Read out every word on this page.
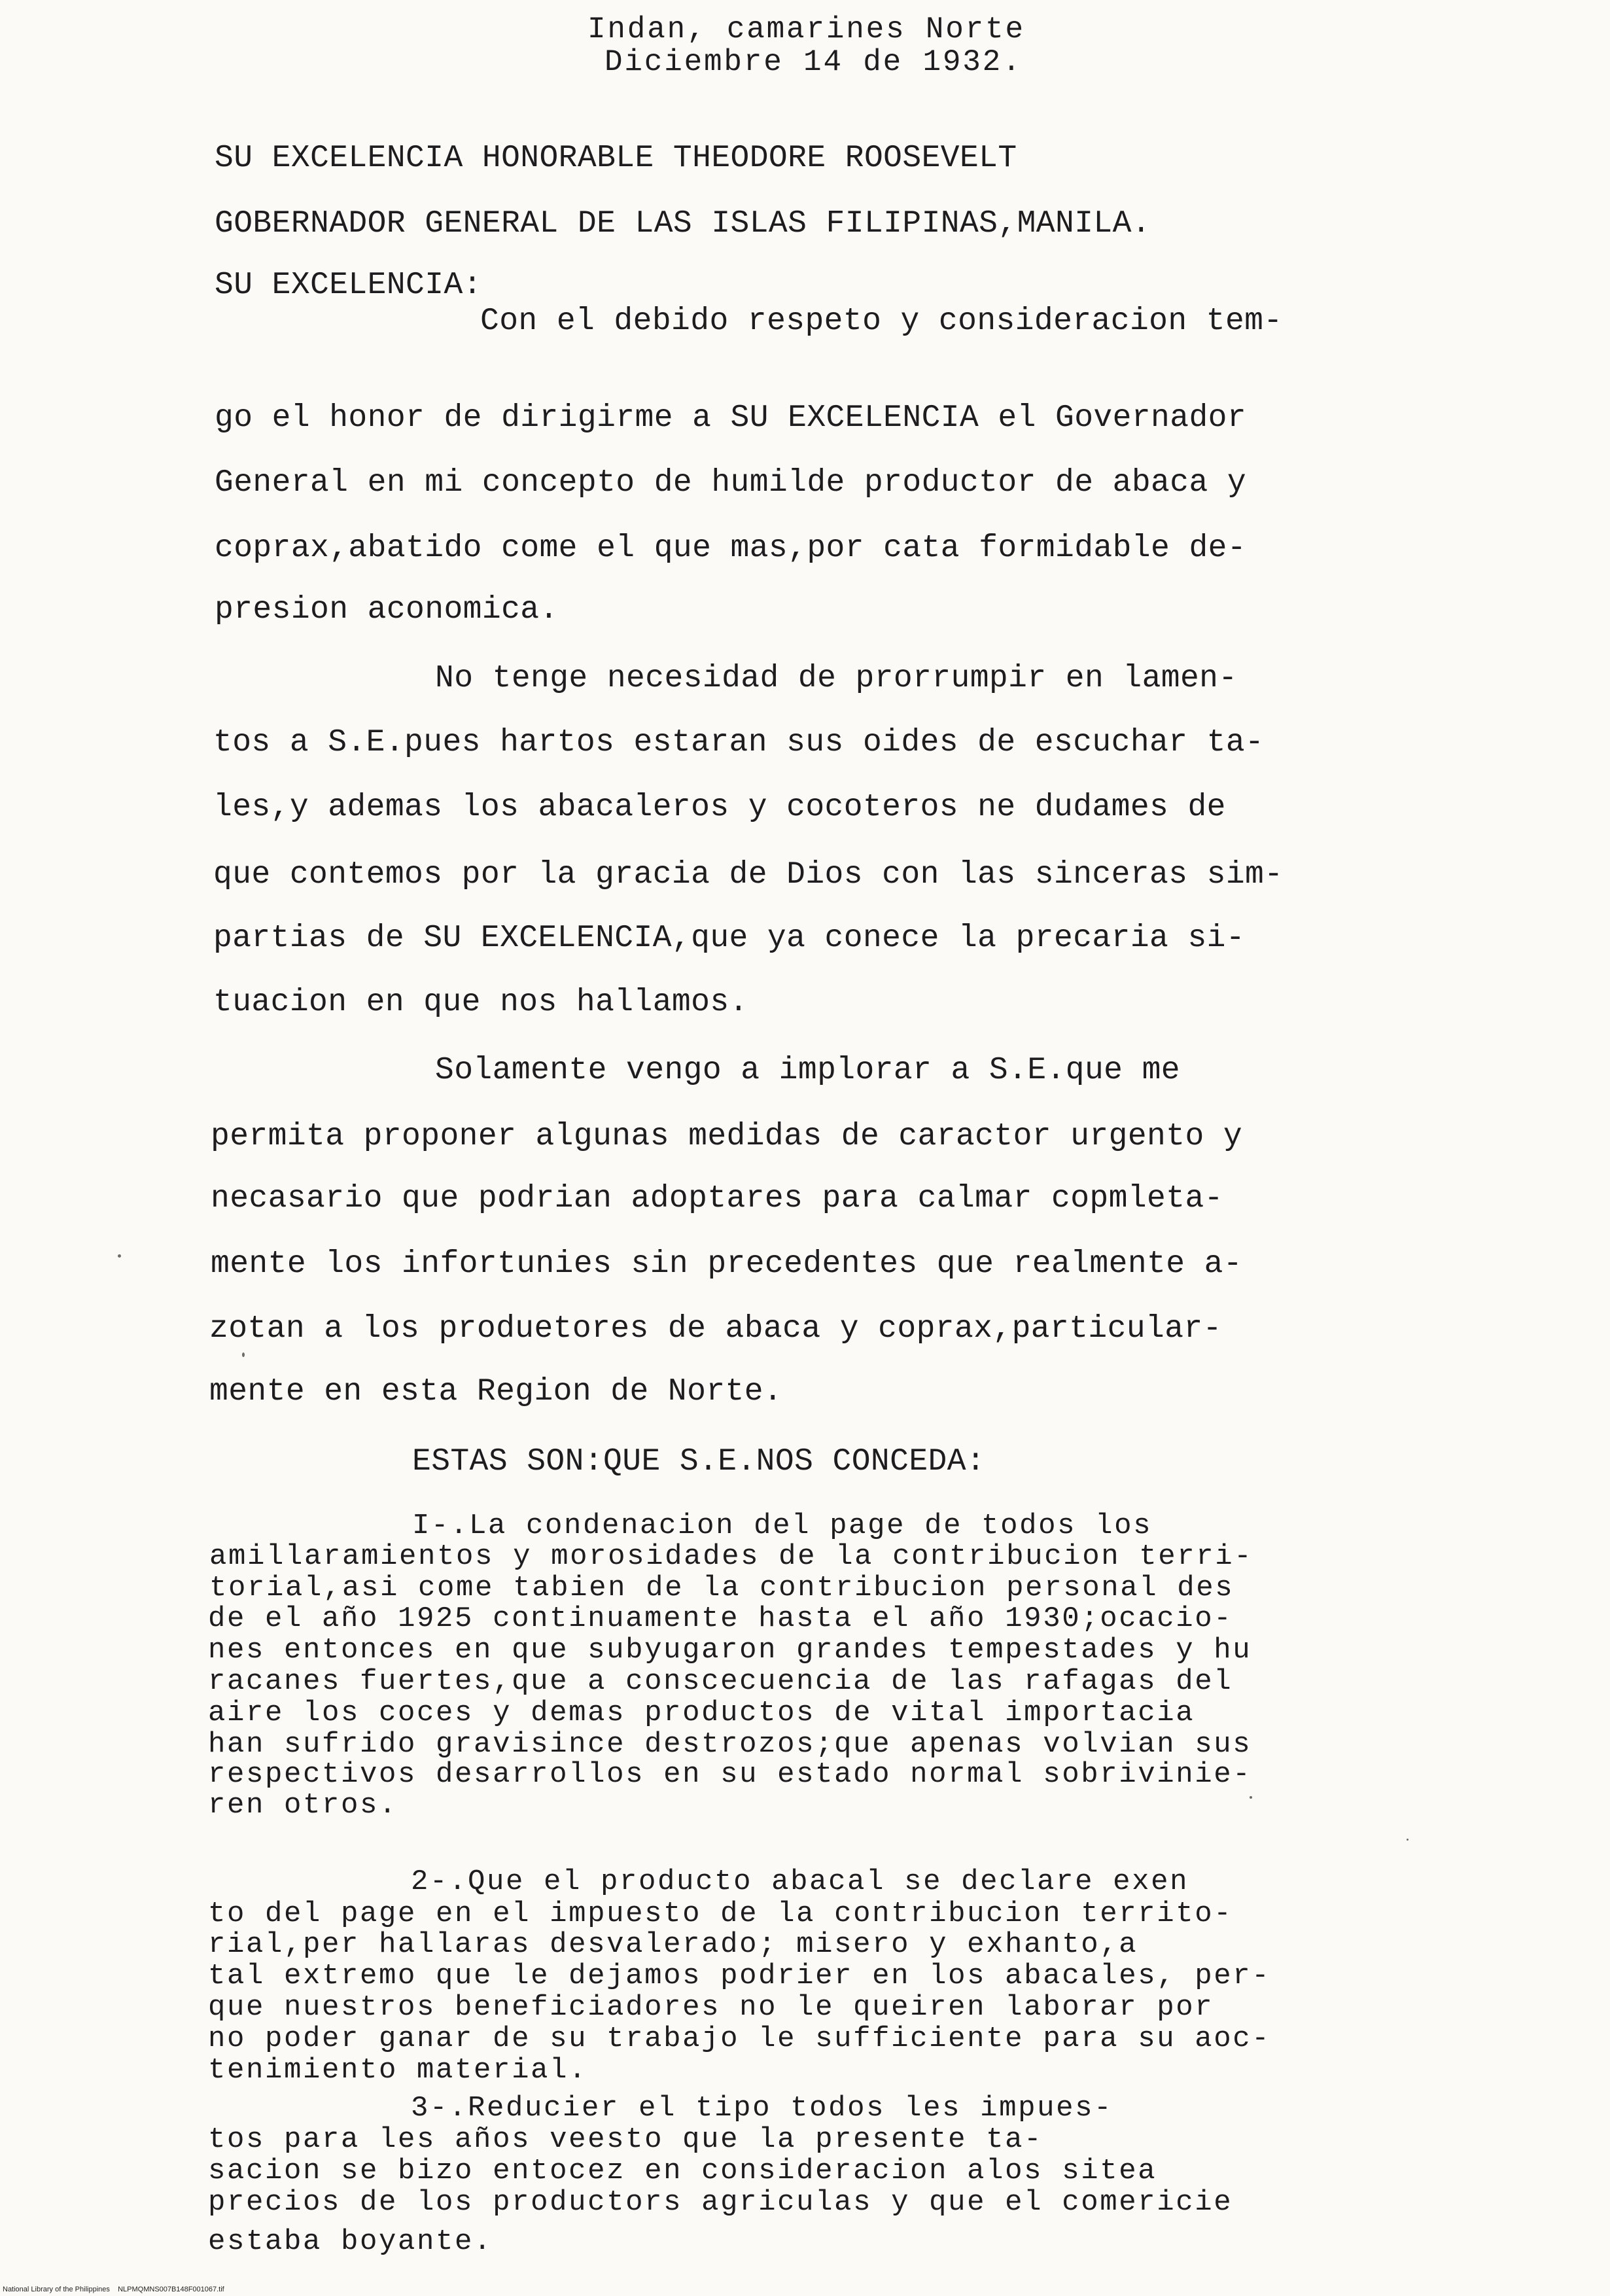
Indan, camarines Norte
Diciembre 14 de 1932.
SU EXCELENCIA HONORABLE THEODORE ROOSEVELT
GOBERNADOR GENERAL DE LAS ISLAS FILIPINAS,MANILA.
SU EXCELENCIA:
Con el debido respeto y consideracion tem-
go el honor de dirigirme a SU EXCELENCIA el Governador
General en mi concepto de humilde productor de abaca y
coprax,abatido come el que mas,por cata formidable de-
presion aconomica.
No tenge necesidad de prorrumpir en lamen-
tos a S.E.pues hartos estaran sus oides de escuchar ta-
les,y ademas los abacaleros y cocoteros ne dudames de
que contemos por la gracia de Dios con las sinceras sim-
partias de SU EXCELENCIA,que ya conece la precaria si-
tuacion en que nos hallamos.
Solamente vengo a implorar a S.E.que me
permita proponer algunas medidas de caractor urgento y
necasario que podrian adoptares para calmar copmleta-
mente los infortunies sin precedentes que realmente a-
zotan a los produetores de abaca y coprax,particular-
mente en esta Region de Norte.
ESTAS SON:QUE S.E.NOS CONCEDA:
I-.La condenacion del page de todos los
amillaramientos y morosidades de la contribucion terri-
torial,asi come tabien de la contribucion personal des
de el año 1925 continuamente hasta el año 1930;ocacio-
nes entonces en que subyugaron grandes tempestades y hu
racanes fuertes,que a conscecuencia de las rafagas del
aire los coces y demas productos de vital importacia
han sufrido gravisince destrozos;que apenas volvian sus
respectivos desarrollos en su estado normal sobrivinie-
ren otros.
2-.Que el producto abacal se declare exen
to del page en el impuesto de la contribucion territo-
rial,per hallaras desvalerado; misero y exhanto,a
tal extremo que le dejamos podrier en los abacales, per-
que nuestros beneficiadores no le queiren laborar por
no poder ganar de su trabajo le sufficiente para su aoc-
tenimiento material.
3-.Reducier el tipo todos les impues-
tos para les años veesto que la presente ta-
sacion se bizo entocez en consideracion alos sitea
precios de los productors agriculas y que el comericie
estaba boyante.
National Library of the Philippines    NLPMQMNS007B148F001067.tif
